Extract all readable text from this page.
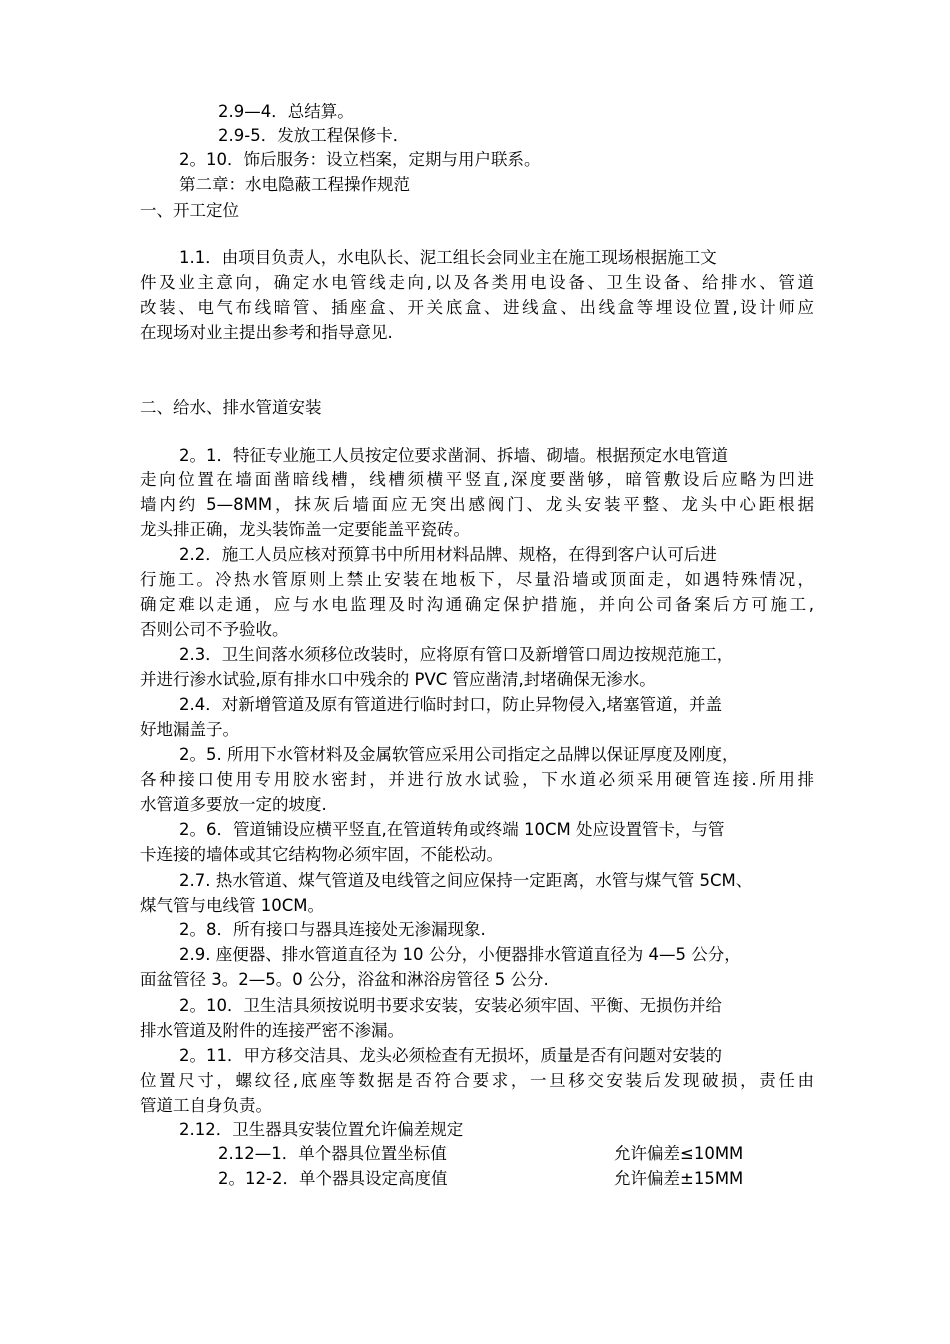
2.9—4．总结算。
2.9-5．发放工程保修卡．
2。10．饰后服务：设立档案，定期与用户联系。
第二章：水电隐蔽工程操作规范
一、开工定位
1.1．由项目负责人，水电队长、泥工组长会同业主在施工现场根据施工文
件及业主意向，确定水电管线走向,以及各类用电设备、卫生设备、给排水、管道
改装、电气布线暗管、插座盒、开关底盒、进线盒、出线盒等埋设位置,设计师应
在现场对业主提出参考和指导意见.
二、给水、排水管道安装
2。1．特征专业施工人员按定位要求凿洞、拆墙、砌墙。根据预定水电管道
走向位置在墙面凿暗线槽，线槽须横平竖直,深度要凿够，暗管敷设后应略为凹进
墙内约 5—8MM，抹灰后墙面应无突出感阀门、龙头安装平整、龙头中心距根据
龙头排正确，龙头装饰盖一定要能盖平瓷砖。
2.2．施工人员应核对预算书中所用材料品牌、规格，在得到客户认可后进
行施工。冷热水管原则上禁止安装在地板下，尽量沿墙或顶面走，如遇特殊情况，
确定难以走通，应与水电监理及时沟通确定保护措施，并向公司备案后方可施工,
否则公司不予验收。
2.3．卫生间落水须移位改装时，应将原有管口及新增管口周边按规范施工，
并进行渗水试验,原有排水口中残余的 PVC 管应凿清,封堵确保无渗水。
2.4．对新增管道及原有管道进行临时封口，防止异物侵入,堵塞管道，并盖
好地漏盖子。
2。5. 所用下水管材料及金属软管应采用公司指定之品牌以保证厚度及刚度，
各种接口使用专用胶水密封，并进行放水试验，下水道必须采用硬管连接.所用排
水管道多要放一定的坡度.
2。6．管道铺设应横平竖直,在管道转角或终端 10CM 处应设置管卡，与管
卡连接的墙体或其它结构物必须牢固，不能松动。
2.7. 热水管道、煤气管道及电线管之间应保持一定距离，水管与煤气管 5CM、
煤气管与电线管 10CM。
2。8．所有接口与器具连接处无渗漏现象.
2.9. 座便器、排水管道直径为 10 公分，小便器排水管道直径为 4—5 公分，
面盆管径 3。2—5。0 公分，浴盆和淋浴房管径 5 公分.
2。10．卫生洁具须按说明书要求安装，安装必须牢固、平衡、无损伤并给
排水管道及附件的连接严密不渗漏。
2。11．甲方移交洁具、龙头必须检查有无损坏，质量是否有问题对安装的
位置尺寸，螺纹径,底座等数据是否符合要求，一旦移交安装后发现破损，责任由
管道工自身负责。
2.12．卫生器具安装位置允许偏差规定
2.12—1．单个器具位置坐标值	允许偏差≤10MM
2。12-2．单个器具设定高度值	允许偏差±15MM
